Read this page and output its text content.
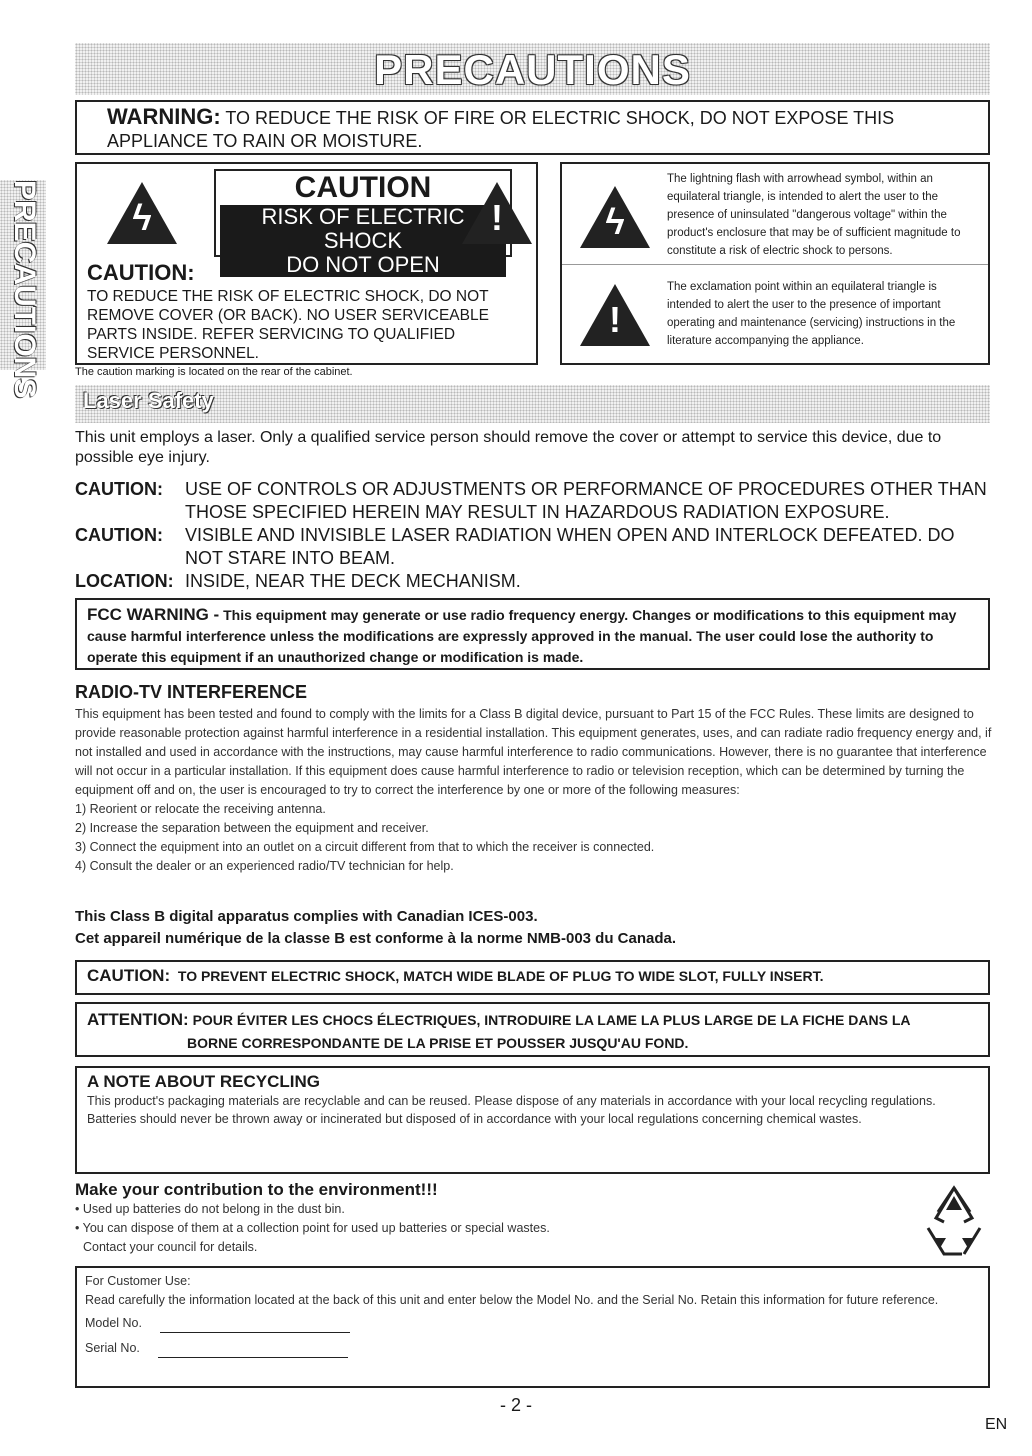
PRECAUTIONS
PRECAUTIONS
WARNING: TO REDUCE THE RISK OF FIRE OR ELECTRIC SHOCK, DO NOT EXPOSE THIS APPLIANCE TO RAIN OR MOISTURE.
ϟ
CAUTION
RISK OF ELECTRIC SHOCK
DO NOT OPEN
!
CAUTION:
TO REDUCE THE RISK OF ELECTRIC SHOCK, DO NOT REMOVE COVER (OR BACK). NO USER SERVICEABLE PARTS INSIDE. REFER SERVICING TO QUALIFIED SERVICE PERSONNEL.
ϟ

The lightning flash with arrowhead symbol, within an equilateral triangle, is intended to alert the user to the presence of uninsulated "dangerous voltage" within the product's enclosure that may be of sufficient magnitude to constitute a risk of electric shock to persons.

!

The exclamation point within an equilateral triangle is intended to alert the user to the presence of important operating and maintenance (servicing) instructions in the literature accompanying the appliance.

The caution marking is located on the rear of the cabinet.
Laser Safety
This unit employs a laser. Only a qualified service person should remove the cover or attempt to service this device, due to possible eye injury.
CAUTION:	USE OF CONTROLS OR ADJUSTMENTS OR PERFORMANCE OF PROCEDURES OTHER THAN THOSE SPECIFIED HEREIN MAY RESULT IN HAZARDOUS RADIATION EXPOSURE.
CAUTION:	VISIBLE AND INVISIBLE LASER RADIATION WHEN OPEN AND INTERLOCK DEFEATED. DO NOT STARE INTO BEAM.
LOCATION: INSIDE, NEAR THE DECK MECHANISM.
FCC WARNING - This equipment may generate or use radio frequency energy. Changes or modifications to this equipment may cause harmful interference unless the modifications are expressly approved in the manual. The user could lose the authority to operate this equipment if an unauthorized change or modification is made.
RADIO-TV INTERFERENCE

This equipment has been tested and found to comply with the limits for a Class B digital device, pursuant to Part 15 of the FCC Rules. These limits are designed to provide reasonable protection against harmful interference in a residential installation. This equipment generates, uses, and can radiate radio frequency energy and, if not installed and used in accordance with the instructions, may cause harmful interference to radio communications. However, there is no guarantee that interference will not occur in a particular installation. If this equipment does cause harmful interference to radio or television reception, which can be determined by turning the equipment off and on, the user is encouraged to try to correct the interference by one or more of the following measures:

1) Reorient or relocate the receiving antenna.
2) Increase the separation between the equipment and receiver.
3) Connect the equipment into an outlet on a circuit different from that to which the receiver is connected.
4) Consult the dealer or an experienced radio/TV technician for help.
This Class B digital apparatus complies with Canadian ICES-003.
Cet appareil numérique de la classe B est conforme à la norme NMB-003 du Canada.
CAUTION: TO PREVENT ELECTRIC SHOCK, MATCH WIDE BLADE OF PLUG TO WIDE SLOT, FULLY INSERT.
ATTENTION: POUR ÉVITER LES CHOCS ÉLECTRIQUES, INTRODUIRE LA LAME LA PLUS LARGE DE LA FICHE DANS LA
BORNE CORRESPONDANTE DE LA PRISE ET POUSSER JUSQU'AU FOND.
A NOTE ABOUT RECYCLING

This product's packaging materials are recyclable and can be reused. Please dispose of any materials in accordance with your local recycling regulations.

Batteries should never be thrown away or incinerated but disposed of in accordance with your local regulations concerning chemical wastes.

Make your contribution to the environment!!!

• Used up batteries do not belong in the dust bin.

• You can dispose of them at a collection point for used up batteries or special wastes.

Contact your council for details.

For Customer Use:
Read carefully the information located at the back of this unit and enter below the Model No. and the Serial No. Retain this information for future reference.
Model No.
Serial No.
- 2 -
EN
